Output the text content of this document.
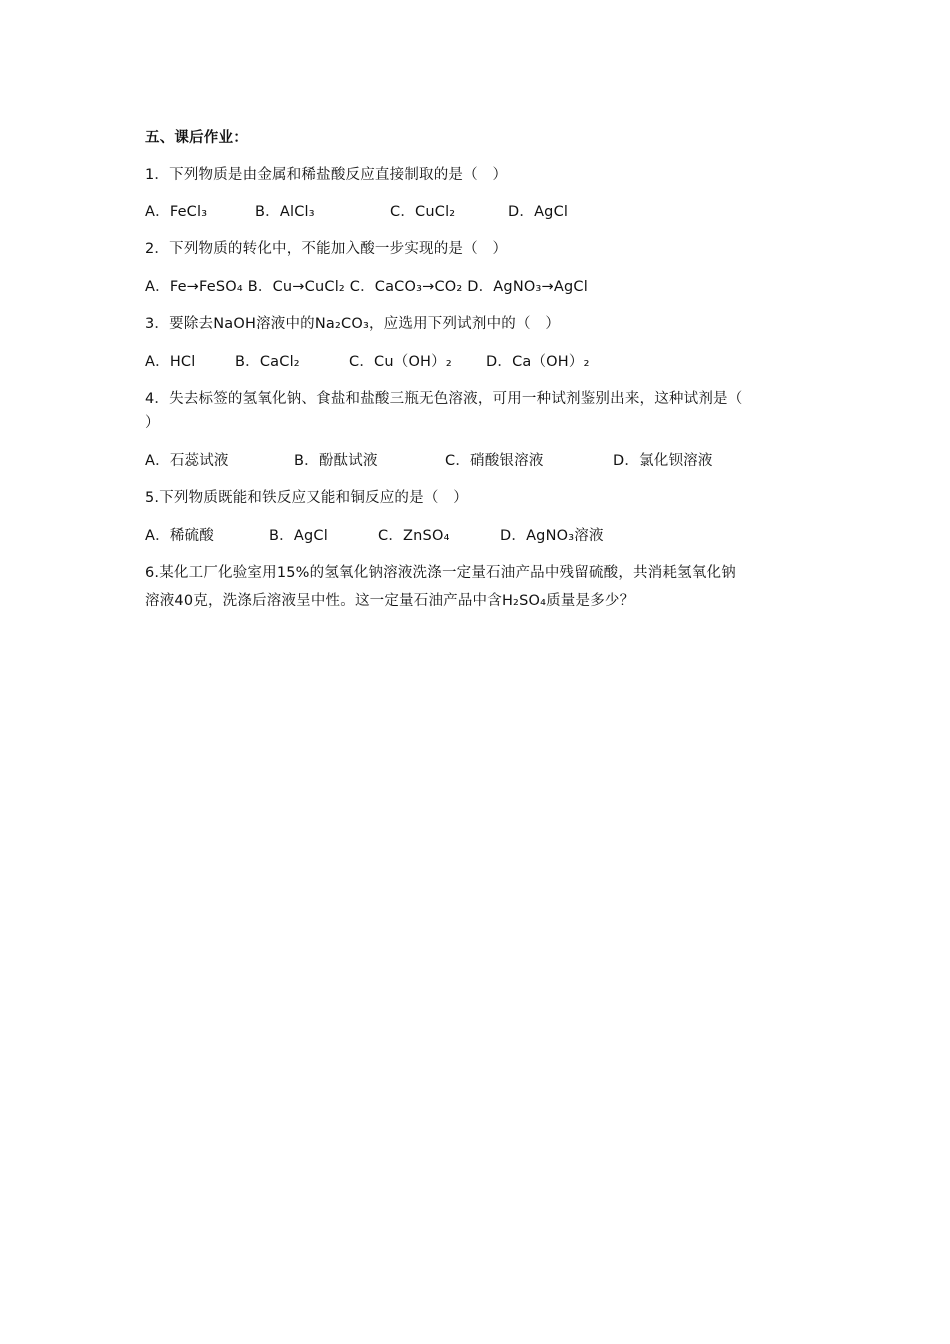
五、课后作业：
1．下列物质是由金属和稀盐酸反应直接制取的是（　）
A．FeCl₃	B．AlCl₃	C．CuCl₂	D．AgCl
2．下列物质的转化中，不能加入酸一步实现的是（　）
A．Fe→FeSO₄ B．Cu→CuCl₂ C．CaCO₃→CO₂ D．AgNO₃→AgCl
3．要除去NaOH溶液中的Na₂CO₃，应选用下列试剂中的（　）
A．HCl	B．CaCl₂	C．Cu（OH）₂ D．Ca（OH）₂
4．失去标签的氢氧化钠、食盐和盐酸三瓶无色溶液，可用一种试剂鉴别出来，这种试剂是（
）
A．石蕊试液	B．酚酞试液	C．硝酸银溶液	D．氯化钡溶液
5.下列物质既能和铁反应又能和铜反应的是（　）
A．稀硫酸	B．AgCl	C．ZnSO₄	D．AgNO₃溶液
6.某化工厂化验室用15%的氢氧化钠溶液洗涤一定量石油产品中残留硫酸，共消耗氢氧化钠
溶液40克，洗涤后溶液呈中性。这一定量石油产品中含H₂SO₄质量是多少？
